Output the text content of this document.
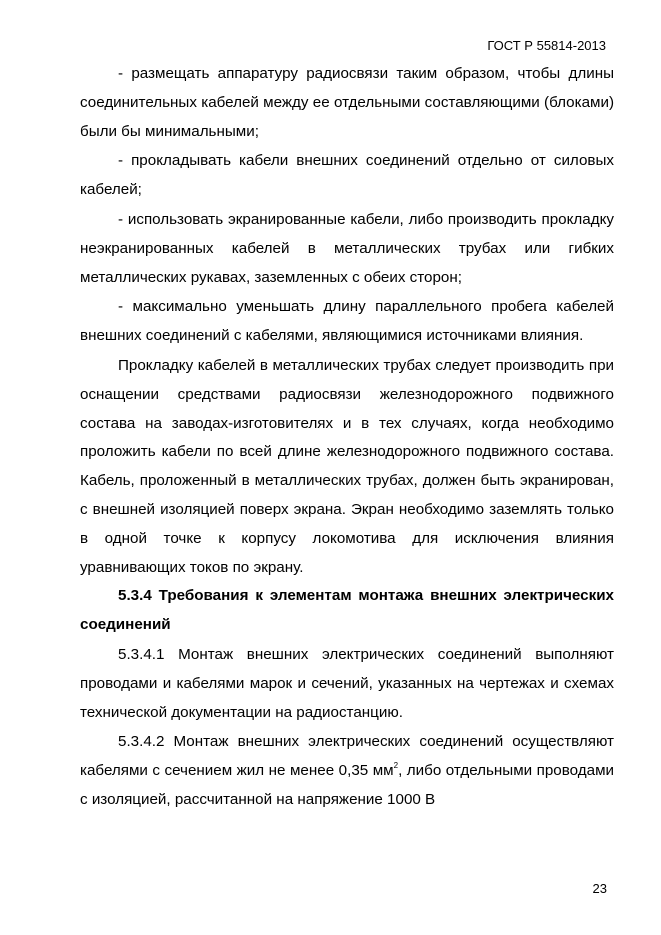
ГОСТ Р 55814-2013

- размещать аппаратуру радиосвязи таким образом, чтобы длины соединительных кабелей между ее отдельными составляющими (блоками) были бы минимальными;

- прокладывать кабели внешних соединений отдельно от силовых кабелей;

- использовать экранированные кабели, либо производить прокладку неэкранированных кабелей в металлических трубах или гибких металлических рукавах, заземленных с обеих сторон;

- максимально уменьшать длину параллельного пробега кабелей внешних соединений с кабелями, являющимися источниками влияния.

Прокладку кабелей в металлических трубах следует производить при оснащении средствами радиосвязи железнодорожного подвижного состава на заводах-изготовителях и в тех случаях, когда необходимо проложить кабели по всей длине железнодорожного подвижного состава. Кабель, проложенный в металлических трубах, должен быть экранирован, с внешней изоляцией поверх экрана. Экран необходимо заземлять только в одной точке к корпусу локомотива для исключения влияния уравнивающих токов по экрану.

5.3.4 Требования к элементам монтажа внешних электрических соединений

5.3.4.1 Монтаж внешних электрических соединений выполняют проводами и кабелями марок и сечений, указанных на чертежах и схемах технической документации на радиостанцию.

5.3.4.2 Монтаж внешних электрических соединений осуществляют кабелями с сечением жил не менее 0,35 $мм^2$, либо отдельными проводами с изоляцией, рассчитанной на напряжение 1000 В

23
